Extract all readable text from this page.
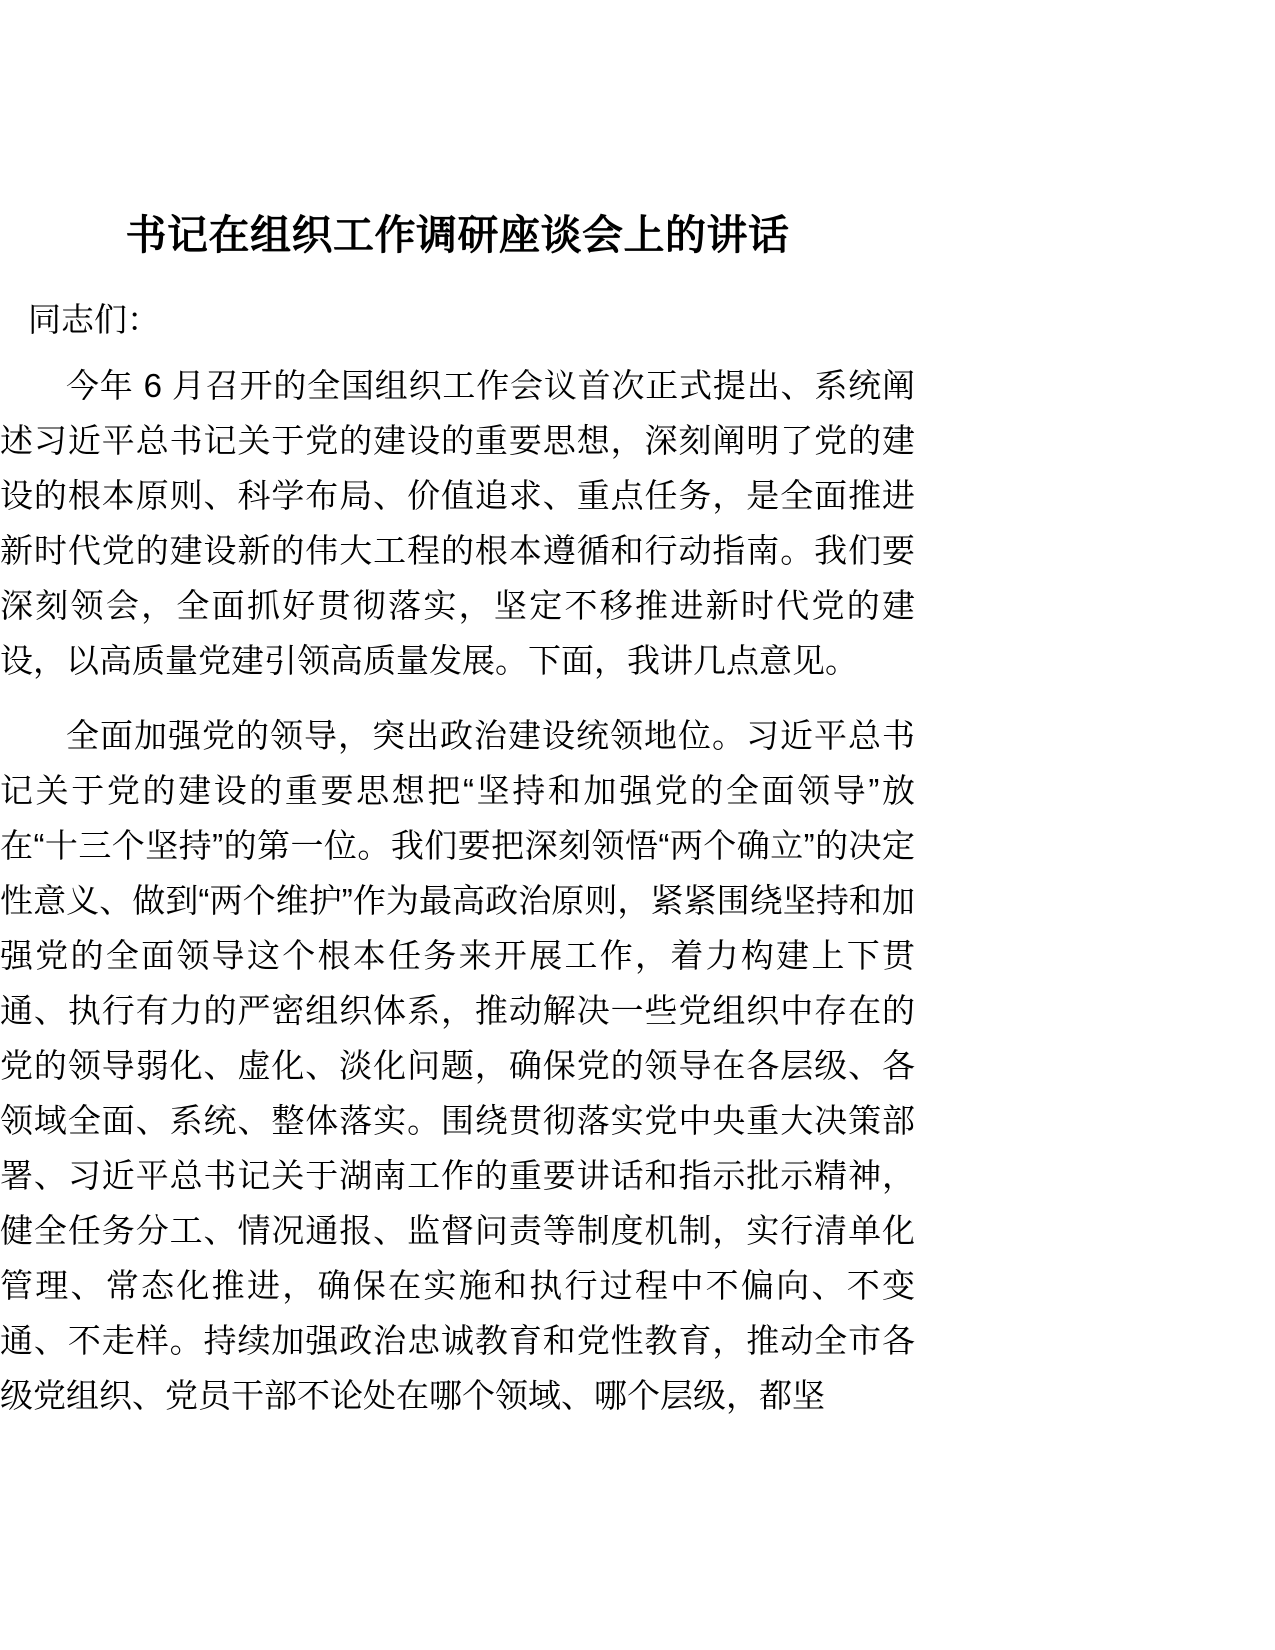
书记在组织工作调研座谈会上的讲话
同志们：

今年 6 月召开的全国组织工作会议首次正式提出、系统阐述习近平总书记关于党的建设的重要思想，深刻阐明了党的建设的根本原则、科学布局、价值追求、重点任务，是全面推进新时代党的建设新的伟大工程的根本遵循和行动指南。我们要深刻领会，全面抓好贯彻落实，坚定不移推进新时代党的建设，以高质量党建引领高质量发展。下面，我讲几点意见。

全面加强党的领导，突出政治建设统领地位。习近平总书记关于党的建设的重要思想把“坚持和加强党的全面领导”放在“十三个坚持”的第一位。我们要把深刻领悟“两个确立”的决定性意义、做到“两个维护”作为最高政治原则，紧紧围绕坚持和加强党的全面领导这个根本任务来开展工作，着力构建上下贯通、执行有力的严密组织体系，推动解决一些党组织中存在的党的领导弱化、虚化、淡化问题，确保党的领导在各层级、各领域全面、系统、整体落实。围绕贯彻落实党中央重大决策部署、习近平总书记关于湖南工作的重要讲话和指示批示精神，健全任务分工、情况通报、监督问责等制度机制，实行清单化管理、常态化推进，确保在实施和执行过程中不偏向、不变通、不走样。持续加强政治忠诚教育和党性教育，推动全市各级党组织、党员干部不论处在哪个领域、哪个层级，都坚
